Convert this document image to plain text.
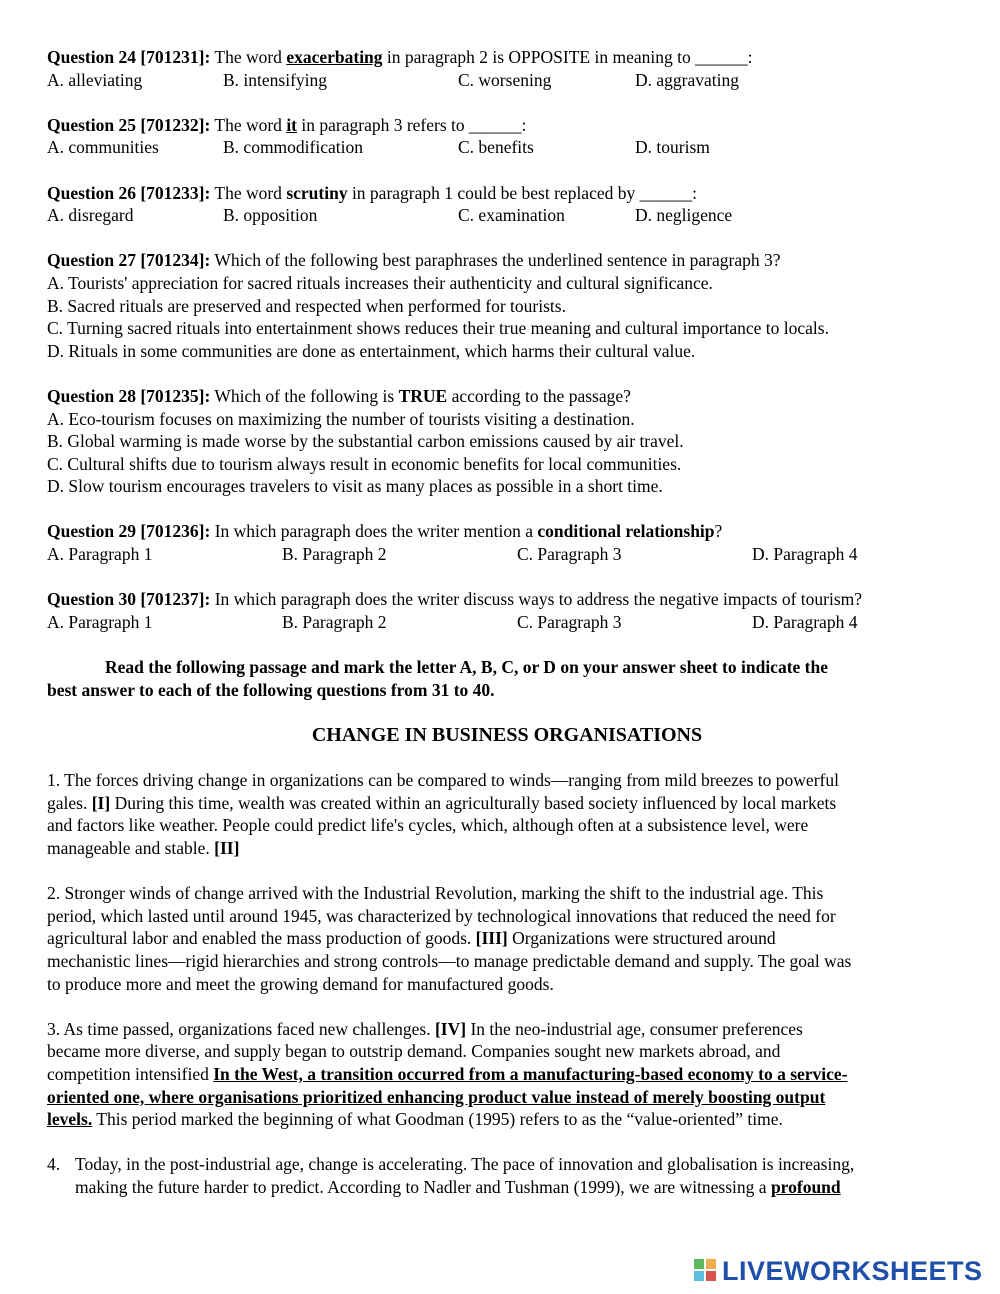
Question 24 [701231]: The word exacerbating in paragraph 2 is OPPOSITE in meaning to ______:
A. alleviating	B. intensifying	C. worsening	D. aggravating
Question 25 [701232]: The word it in paragraph 3 refers to ______:
A. communities	B. commodification	C. benefits	D. tourism
Question 26 [701233]: The word scrutiny in paragraph 1 could be best replaced by ______:
A. disregard	B. opposition	C. examination	D. negligence
Question 27 [701234]: Which of the following best paraphrases the underlined sentence in paragraph 3?
A. Tourists' appreciation for sacred rituals increases their authenticity and cultural significance.
B. Sacred rituals are preserved and respected when performed for tourists.
C. Turning sacred rituals into entertainment shows reduces their true meaning and cultural importance to locals.
D. Rituals in some communities are done as entertainment, which harms their cultural value.
Question 28 [701235]: Which of the following is TRUE according to the passage?
A. Eco-tourism focuses on maximizing the number of tourists visiting a destination.
B. Global warming is made worse by the substantial carbon emissions caused by air travel.
C. Cultural shifts due to tourism always result in economic benefits for local communities.
D. Slow tourism encourages travelers to visit as many places as possible in a short time.
Question 29 [701236]: In which paragraph does the writer mention a conditional relationship?
A. Paragraph 1	B. Paragraph 2	C. Paragraph 3	D. Paragraph 4
Question 30 [701237]: In which paragraph does the writer discuss ways to address the negative impacts of tourism?
A. Paragraph 1	B. Paragraph 2	C. Paragraph 3	D. Paragraph 4
Read the following passage and mark the letter A, B, C, or D on your answer sheet to indicate the
best answer to each of the following questions from 31 to 40.
CHANGE IN BUSINESS ORGANISATIONS
1. The forces driving change in organizations can be compared to winds—ranging from mild breezes to powerful
gales. [I] During this time, wealth was created within an agriculturally based society influenced by local markets
and factors like weather. People could predict life's cycles, which, although often at a subsistence level, were
manageable and stable. [II]
2. Stronger winds of change arrived with the Industrial Revolution, marking the shift to the industrial age. This
period, which lasted until around 1945, was characterized by technological innovations that reduced the need for
agricultural labor and enabled the mass production of goods. [III] Organizations were structured around
mechanistic lines—rigid hierarchies and strong controls—to manage predictable demand and supply. The goal was
to produce more and meet the growing demand for manufactured goods.
3. As time passed, organizations faced new challenges. [IV] In the neo-industrial age, consumer preferences
became more diverse, and supply began to outstrip demand. Companies sought new markets abroad, and
competition intensified In the West, a transition occurred from a manufacturing-based economy to a service-
oriented one, where organisations prioritized enhancing product value instead of merely boosting output
levels. This period marked the beginning of what Goodman (1995) refers to as the “value-oriented” time.
4. Today, in the post-industrial age, change is accelerating. The pace of innovation and globalisation is increasing,
making the future harder to predict. According to Nadler and Tushman (1999), we are witnessing a profound
LIVEWORKSHEETS
